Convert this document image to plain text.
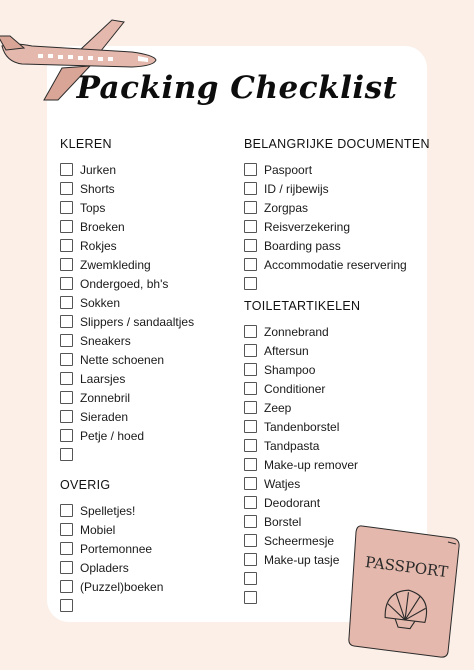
Packing Checklist
KLEREN
Jurken
Shorts
Tops
Broeken
Rokjes
Zwemkleding
Ondergoed, bh's
Sokken
Slippers / sandaaltjes
Sneakers
Nette schoenen
Laarsjes
Zonnebril
Sieraden
Petje / hoed
OVERIG
Spelletjes!
Mobiel
Portemonnee
Opladers
(Puzzel)boeken
BELANGRIJKE DOCUMENTEN
Paspoort
ID / rijbewijs
Zorgpas
Reisverzekering
Boarding pass
Accommodatie reservering
TOILETARTIKELEN
Zonnebrand
Aftersun
Shampoo
Conditioner
Zeep
Tandenborstel
Tandpasta
Make-up remover
Watjes
Deodorant
Borstel
Scheermesje
Make-up tasje PASSPORT
